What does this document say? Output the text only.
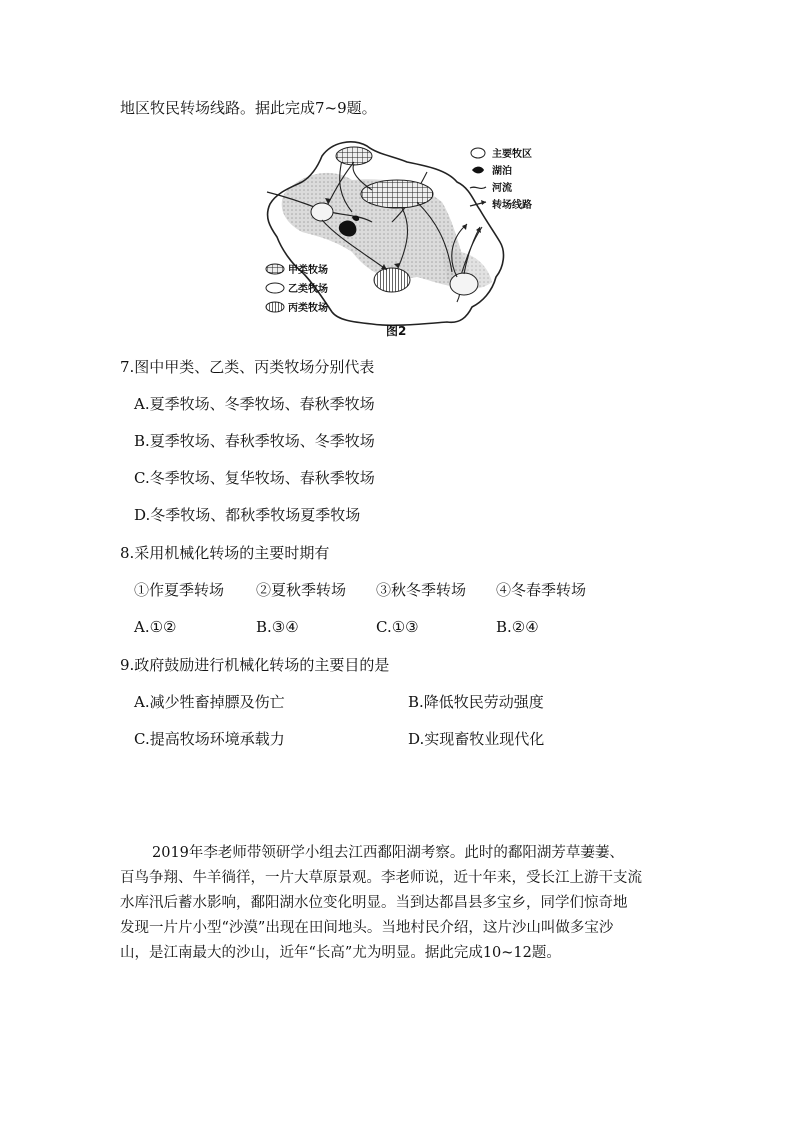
地区牧民转场线路。据此完成7~9题。
主要牧区
湖泊
河流
转场线路
甲类牧场
乙类牧场
丙类牧场
图2
7.图中甲类、乙类、丙类牧场分别代表
A.夏季牧场、冬季牧场、春秋季牧场
B.夏季牧场、春秋季牧场、冬季牧场
C.冬季牧场、复华牧场、春秋季牧场
D.冬季牧场、都秋季牧场夏季牧场
8.采用机械化转场的主要时期有
①作夏季转场 ②夏秋季转场 ③秋冬季转场 ④冬春季转场
A.①②	B.③④	C.①③	B.②④
9.政府鼓励进行机械化转场的主要目的是
A.减少牲畜掉膘及伤亡	B.降低牧民劳动强度
C.提高牧场环境承载力	D.实现畜牧业现代化
2019年李老师带领研学小组去江西鄱阳湖考察。此时的鄱阳湖芳草萋萋、
百鸟争翔、牛羊徜徉，一片大草原景观。李老师说，近十年来，受长江上游干支流
水库汛后蓄水影响，鄱阳湖水位变化明显。当到达都昌县多宝乡，同学们惊奇地
发现一片片小型“沙漠”出现在田间地头。当地村民介绍，这片沙山叫做多宝沙
山，是江南最大的沙山，近年“长高”尤为明显。据此完成10~12题。
